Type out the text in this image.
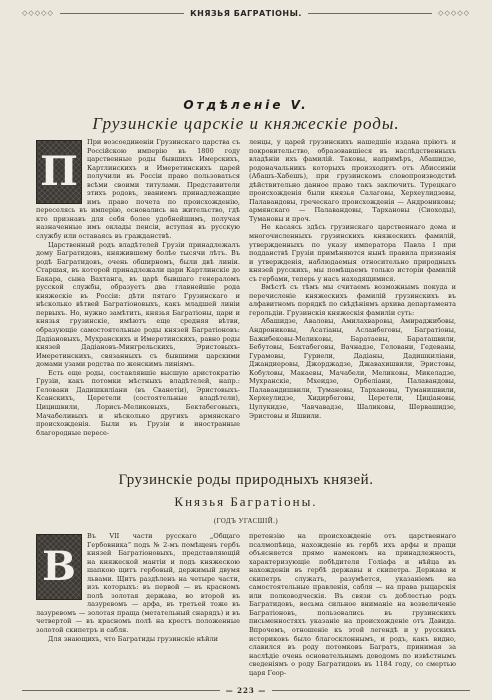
◇◇◇◇◇	КНЯЗЬЯ БАГРАТIОНЫ.	◇◇◇◇◇
Отдѣленiе V.
Грузинскiе царскiе и княжескiе роды.
П

При возсоединенiи Грузинскаго царства съ Россiйскою имперiю въ 1800 году царственные роды бывшихъ Имерскихъ, Картлинскихъ и Имеретинскихъ царей получили въ Россiи право пользоваться всѣми своими титулами. Представители этихъ родовъ, званиемъ принадлежащие имъ право почета по происхожденiю, переселясь въ имперiю, основались на жительство, гдѣ кто признавъ для себя более удобнейшимъ, получая назначенные имъ оклады пенсiи, вступая въ русскую службу или оставаясь въ гражданствѣ.

Царственный родъ владѣтелей Грузiи принадлежалъ дому Багратидовъ, княжившему болѣе тысячи лѣтъ. Въ родѣ Багратидовъ, очень обширномъ, были двѣ линiи. Старшая, въ которой принадлежали цари Картлинскiе до Бакара, сына Вахтанга, въ царѣ бывшаго генераломъ русской службы, образуетъ два главнейшiе рода княжескiе въ Россiи: дѣти пятаго Грузинскаго и нѣсколько вѣтвей Багратiоновыхъ, какъ младшей линiи первыхъ. Но, нужно замѣтить, князья Багратiоны, цари и князья грузинскiе, имѣютъ еще средняя вѣтви, образующiе самостоятельные роды князей Багратiоновъ: Дадiановыхъ, Мухранскихъ и Имеретинскихъ, равно роды князей Дадiановъ-Мингрельскихъ, Эристовыхъ-Имеретинскихъ, связанныхъ съ бывшими царскими домами узами родства по женскимъ линiямъ.

Есть еще роды, составлявшiе высшую аристократiю Грузiи, какъ потомки мѣстныхъ владѣтелей, напр.: Геловани Дадишкилiани (въ Сванетiи), Эристовыхъ-Ксанскихъ, Церетели (состоятельные владѣтели), Цицишвили, Лорисъ-Меликовыхъ, Бектабеговыхъ, Мачабеливыхъ и нѣсколько другихъ армянскаго происхожденiя. Были въ Грузiи и иностранные благородные пересе-

ленцы, у царей грузинскихъ нашедшiе издана прiютъ и покровительство, образовавшiеся въ наслѣдственныхъ владѣнiи ихъ фамилiй. Таковы, напримѣръ, Абашидзе, родоначальникъ которыхъ произходитъ отъ Абиссинiи (Абашъ-Хабешъ), при грузинскомъ словопроизводствѣ дѣйствительно данное право такъ заключить. Турецкаго происхожденiя были князья Салаговы, Херхеулидзевы, Палавандовы, греческаго происхожденiя — Андрониковы; армянскаго — Палавандовы, Тархановы (Сиоходы), Тумановы и проч.

Не касаясь здѣсь грузинскаго царственнаго дома и многочисленныхъ грузинскихъ княжескихъ фамилiй, утвержденныхъ по указу императора Павла I при подданствѣ Грузiи примѣняются нынѣ правила признанiя и утвержденiя, наблюдаемыя относительно природныхъ князей русскихъ, мы помѣщаемъ только исторiи фамилiй съ гербами, теперь у насъ находящимися.

Вмѣстѣ съ тѣмъ мы считаемъ возможнымъ покуда и перечисленiе княжескихъ фамилiй грузинскихъ въ алфавитномъ порядкѣ по свѣдѣнiямъ архива департамента герольдiи. Грузинскiя княжескiя фамилiи суть:

Абашидзе, Аваловы, Амилахваровы, Амираджибовы, Андрониковы, Асатiаны, Асланбеговы, Багратiоны, Бажибековы-Меликовы, Баратаевы, Бараташвили, Бебутовы, Бектабеговы, Вачнадзе, Геловани, Гедеваны, Гурамовы, Гуриели, Дадiаны, Дадишкилiани, Джандиеровы, Джорджадзе, Джавахишвили, Эристовы, Кобуловы, Макаевы, Мачабели, Меликовы, Микеладзе, Мухранскiе, Мхеидзе, Орбелiани, Палавандовы, Палавандишвили, Тумановы, Тархановы, Туманишвили, Херхеулидзе, Хидирбеговы, Церетели, Цицiановы, Цулукидзе, Чавчавадзе, Шаликовы, Шервашидзе, Эристовы и Яшвили.

Грузинскiе роды природныхъ князей.
Князья Багратiоны.
(ГОДЪ УГАСШIЙ.)
В

Въ VII части русскаго „Общаго Гербовника“ подъ № 2-мъ помѣщенъ гербъ князей Багратiоновыхъ, представляющiй на княжеской мантiи и подъ княжескою шапкою щитъ гербовый, держимый двумя львами. Щитъ раздѣленъ на четыре части, изъ которыхъ: въ первой — въ красномъ полѣ золотая держава, во второй въ лазуревомъ — арфа, въ третьей тоже въ лазуревомъ — золотая праща (метательный снарядъ) и въ четвертой — въ красномъ полѣ на крестъ положенные золотой скипетръ и сабля.

Для знающихъ, что Багратиды грузинскiе нѣйли

претензiю на происхожденiе отъ царственнаго псалмопѣвца, нахожденiе въ гербѣ ихъ арфы и пращи объясняется прямо намекомъ на принадлежность, характеризующiе побѣдителя Голiафа и нѣйца въ нахожденiи въ гербѣ державы и скипетра. Держава и скипетръ служатъ, разумѣется, указанiемъ на самостоятельные правленiя, сабля — на права рыцарскiя или полководческiя. Въ связи съ доблестью родъ Багратидовъ, весьма сильное вниманiе на возвеличенiе Багратiоновъ, пользовались въ грузинскихъ письменностяхъ указанiе на происхожденiе отъ Давида. Впрочемъ, отношенiе къ этой легендѣ и у русскихъ историковъ было благосклоннымъ, и родъ, какъ видно, славился въ роду потомковъ Багратъ, принимая за наслѣдiе очень основательнымъ доводомъ по извѣстнымъ сведенiямъ о роду Багратидовъ въ 1184 году, со смертью царя Геор-

— 223 —
